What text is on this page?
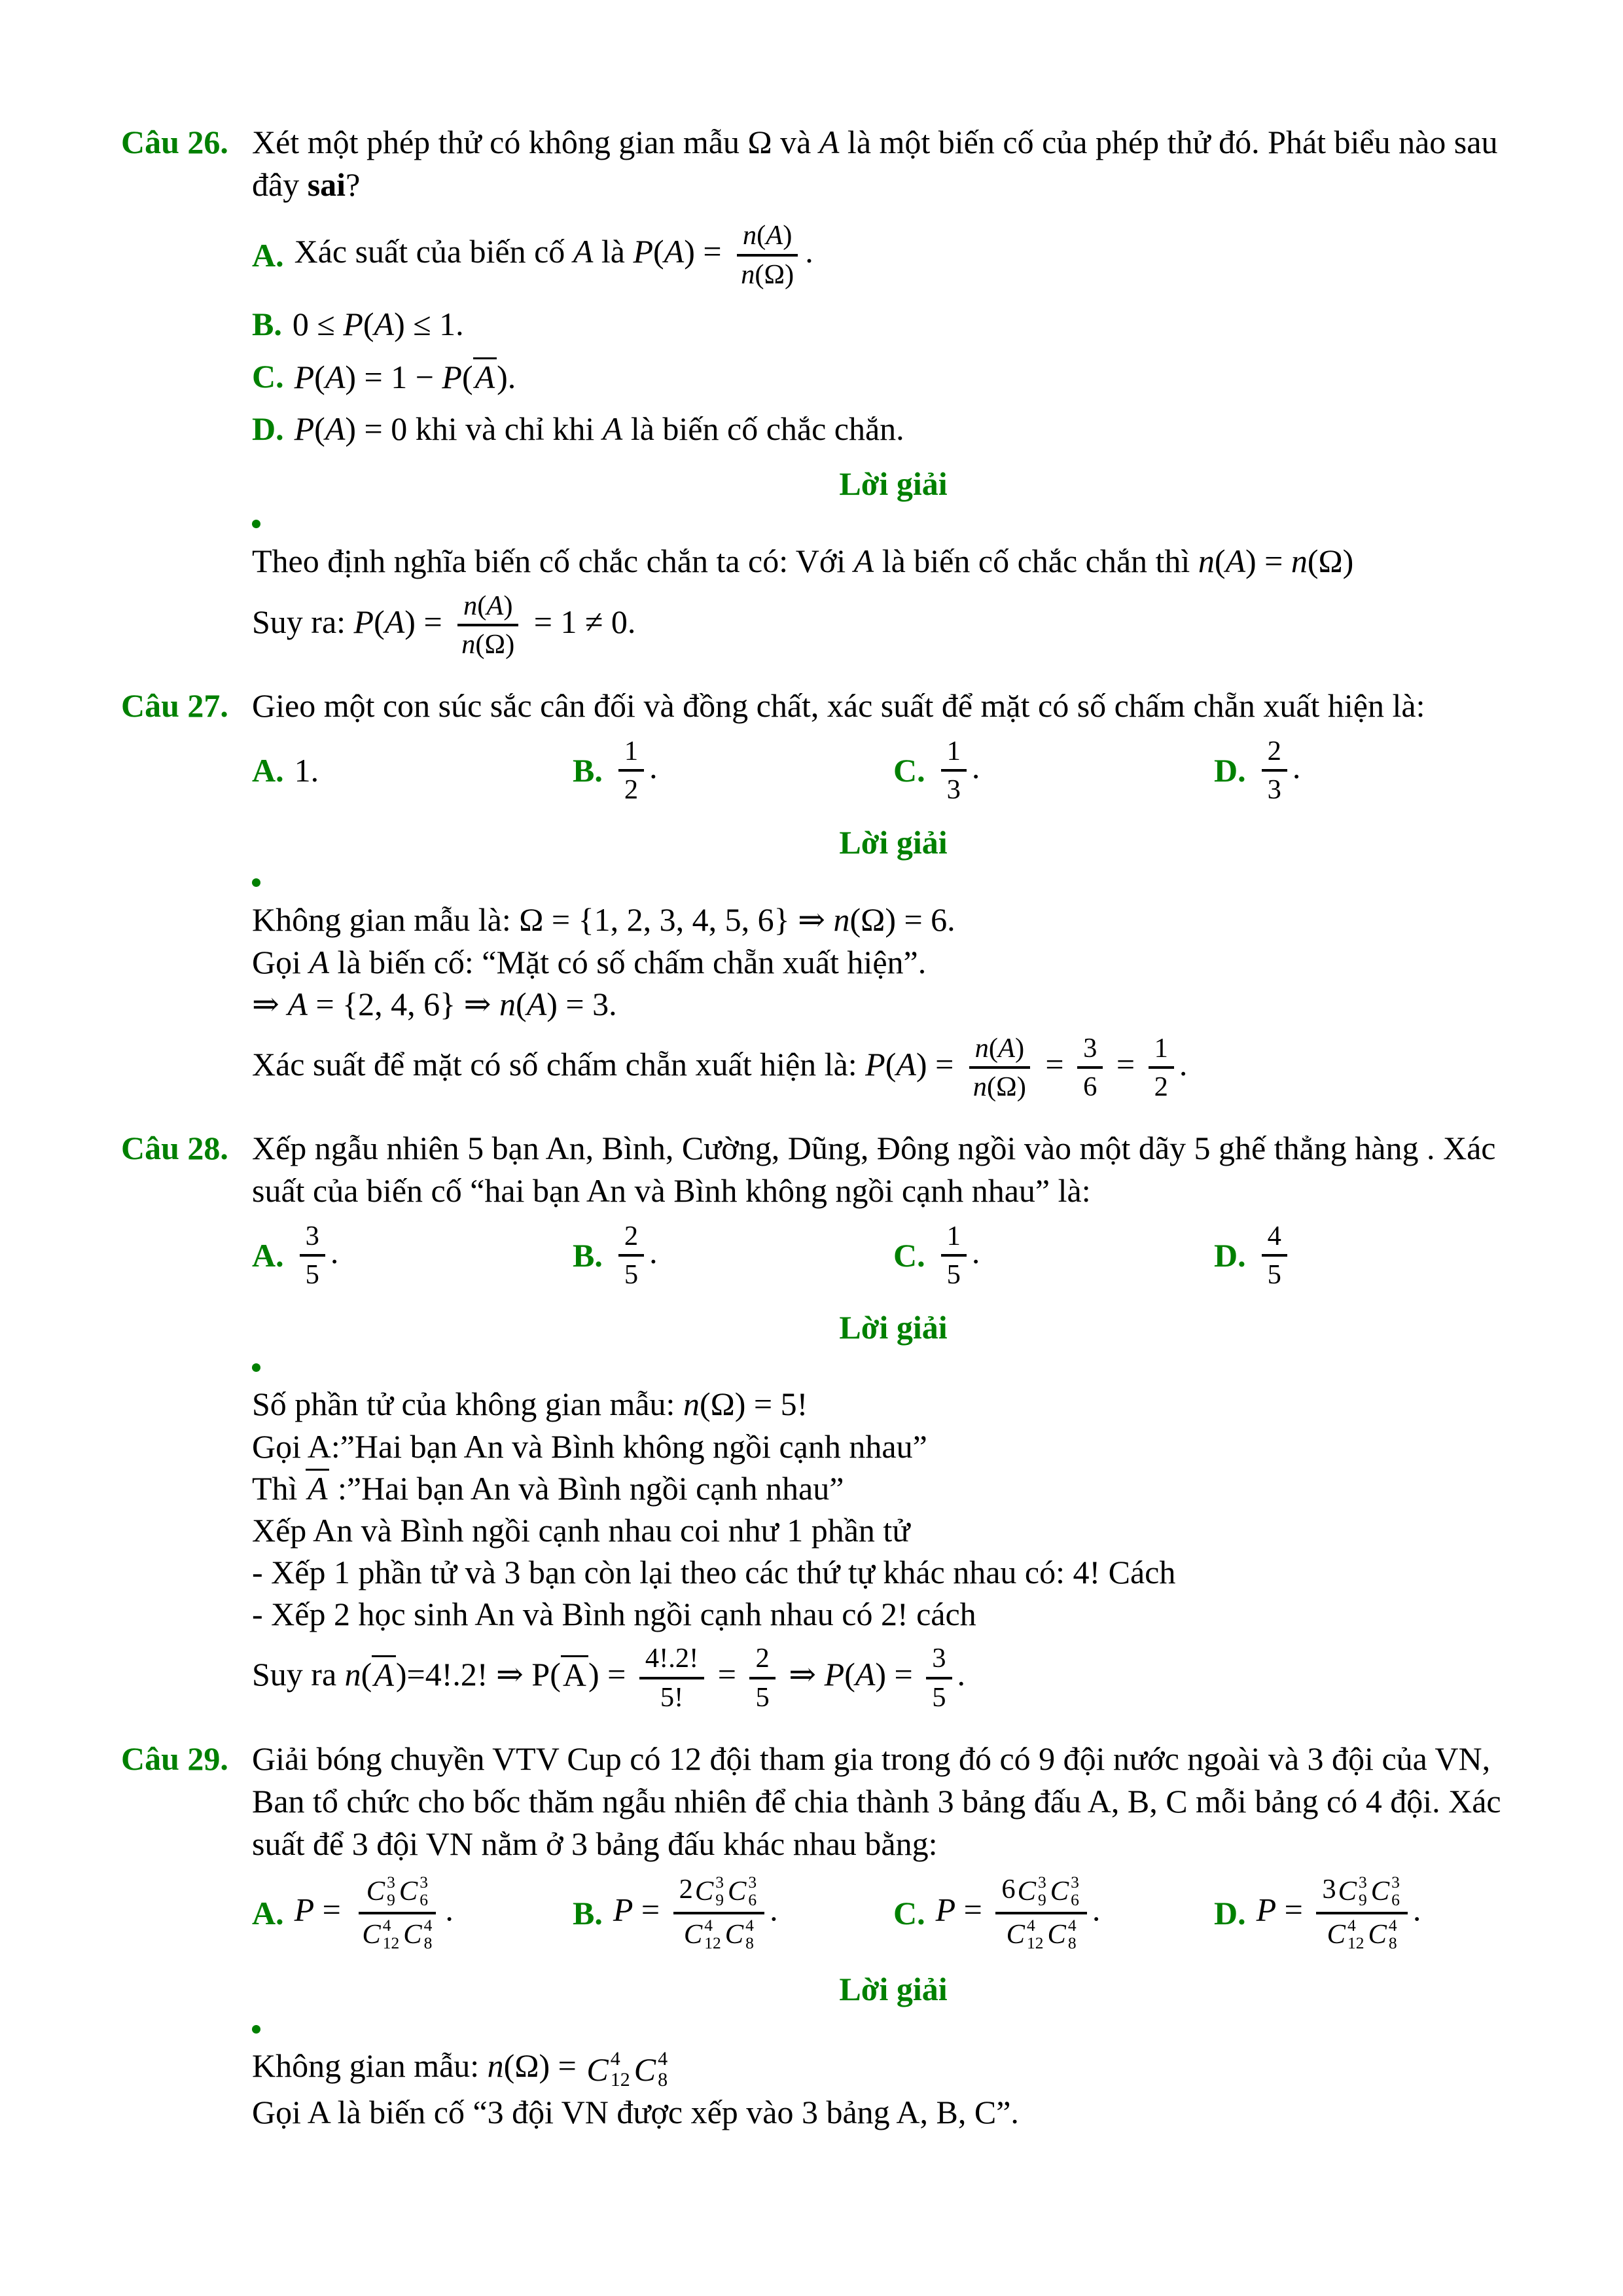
Câu 26. Xét một phép thử có không gian mẫu Ω và A là một biến cố của phép thử đó. Phát biểu nào sau đây sai?
A. Xác suất của biến cố A là $P(A) = \frac{n(A)}{n(\Omega)}$ .
B. 0 ≤ P(A) ≤ 1.
C. P(A) = 1 − P(A).
D. P(A) = 0 khi và chỉ khi A là biến cố chắc chắn.
Lời giải
Theo định nghĩa biến cố chắc chắn ta có: Với A là biến cố chắc chắn thì n(A) = n(Ω)
Suy ra: $P(A) = \frac{n(A)}{n(\Omega)} = 1 \ne 0$.
Câu 27. Gieo một con súc sắc cân đối và đồng chất, xác suất để mặt có số chấm chẵn xuất hiện là:
A. 1.	B. $\frac{1}{2}$ .	C. $\frac{1}{3}$ .	D. $\frac{2}{3}$ .
Lời giải
Không gian mẫu là: Ω = {1, 2, 3, 4, 5, 6} ⇒ n(Ω) = 6.
Gọi A là biến cố: “Mặt có số chấm chẵn xuất hiện”.
⇒ A = {2, 4, 6} ⇒ n(A) = 3.
Xác suất để mặt có số chấm chẵn xuất hiện là: $P(A) = \frac{n(A)}{n(\Omega)} = \frac{3}{6} = \frac{1}{2}$ .
Câu 28. Xếp ngẫu nhiên 5 bạn An, Bình, Cường, Dũng, Đông ngồi vào một dãy 5 ghế thẳng hàng . Xác suất của biến cố “hai bạn An và Bình không ngồi cạnh nhau” là:
A. $\frac{3}{5}$ .	B. $\frac{2}{5}$ .	C. $\frac{1}{5}$ .	D. $\frac{4}{5}$
Lời giải
Số phần tử của không gian mẫu: n(Ω) = 5!
Gọi A:”Hai bạn An và Bình không ngồi cạnh nhau”
Thì A :”Hai bạn An và Bình ngồi cạnh nhau”
Xếp An và Bình ngồi cạnh nhau coi như 1 phần tử
- Xếp 1 phần tử và 3 bạn còn lại theo các thứ tự khác nhau có: 4! Cách
- Xếp 2 học sinh An và Bình ngồi cạnh nhau có 2! cách
Suy ra n(A)=4!.2! ⇒ $P(A) = \frac{4!.2!}{5!} = \frac{2}{5}$ ⇒ $P(A) = \frac{3}{5}$ .
Câu 29. Giải bóng chuyền VTV Cup có 12 đội tham gia trong đó có 9 đội nước ngoài và 3 đội của VN, Ban tổ chức cho bốc thăm ngẫu nhiên để chia thành 3 bảng đấu A, B, C mỗi bảng có 4 đội. Xác suất để 3 đội VN nằm ở 3 bảng đấu khác nhau bằng:
A. P = C 3
9 C 3
6
C 4
12 C 4
8 .	B. P = 2 C 3
9 C 3
6
C 4
12 C 4
8 .	C. P = 6 C 3
9 C 3
6
C 4
12 C 4
8 .	D. P = 3 C 3
9 C 3
6
C 4
12 C 4
8 .
Lời giải
Không gian mẫu: n(Ω) = C 4
12 C 4
8
Gọi A là biến cố “3 đội VN được xếp vào 3 bảng A, B, C”.
